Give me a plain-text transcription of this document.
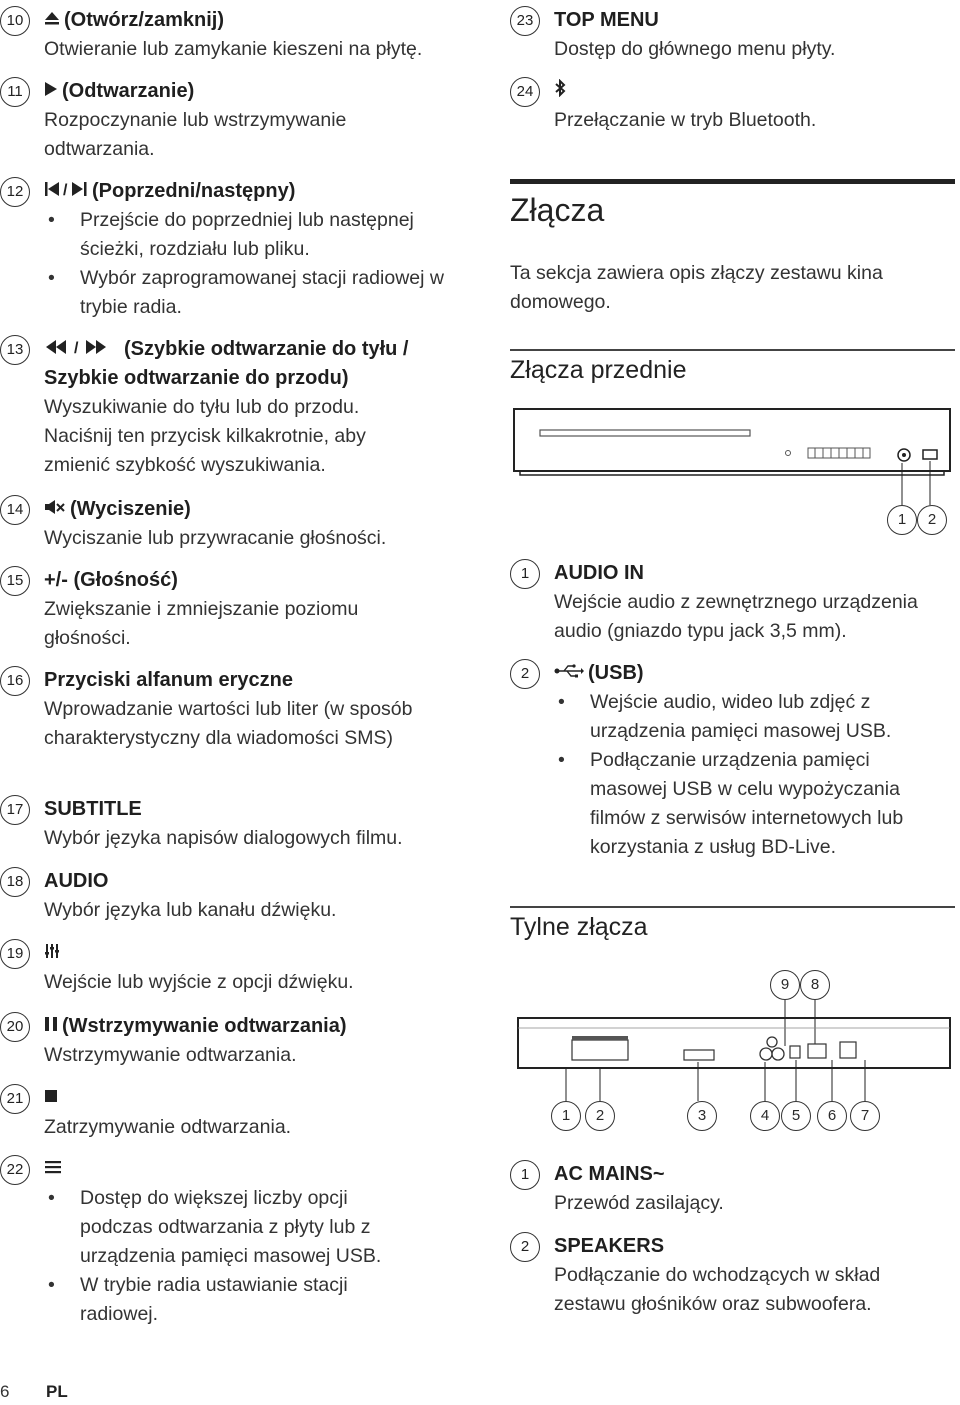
10	(Otwórz/zamknij)
Otwieranie lub zamykanie kieszeni na płytę.
11	(Odtwarzanie)
Rozpoczynanie lub wstrzymywanie odtwarzania.
12	/ (Poprzedni/następny)
• Przejście do poprzedniej lub następnej ścieżki, rozdziału lub pliku.
• Wybór zaprogramowanej stacji radiowej w trybie radia.
13	/ (Szybkie odtwarzanie do tyłu / Szybkie odtwarzanie do przodu)
Wyszukiwanie do tyłu lub do przodu. Naciśnij ten przycisk kilkakrotnie, aby zmienić szybkość wyszukiwania.
14	(Wyciszenie)
Wyciszanie lub przywracanie głośności.
15	+/- (Głośność)
Zwiększanie i zmniejszanie poziomu głośności.
16	Przyciski alfanum eryczne
Wprowadzanie wartości lub liter (w sposób charakterystyczny dla wiadomości SMS)
17	SUBTITLE
Wybór języka napisów dialogowych filmu.
18	AUDIO
Wybór języka lub kanału dźwięku.
19
Wejście lub wyjście z opcji dźwięku.
20	(Wstrzymywanie odtwarzania)
Wstrzymywanie odtwarzania.
21
Zatrzymywanie odtwarzania.
22
• Dostęp do większej liczby opcji podczas odtwarzania z płyty lub z urządzenia pamięci masowej USB.
• W trybie radia ustawianie stacji radiowej.
23	TOP MENU
Dostęp do głównego menu płyty.
24
Przełączanie w tryb Bluetooth.
Złącza
Ta sekcja zawiera opis złączy zestawu kina domowego.
Złącza przednie
1	2
1	AUDIO IN
Wejście audio z zewnętrznego urządzenia audio (gniazdo typu jack 3,5 mm).
2	(USB)
• Wejście audio, wideo lub zdjęć z urządzenia pamięci masowej USB.
• Podłączanie urządzenia pamięci masowej USB w celu wypożyczania filmów z serwisów internetowych lub korzystania z usług BD-Live.
Tylne złącza
9	8
1	2	3	4	5	6	7
1	AC MAINS~
Przewód zasilający.
2	SPEAKERS
Podłączanie do wchodzących w skład zestawu głośników oraz subwoofera.
6 PL
